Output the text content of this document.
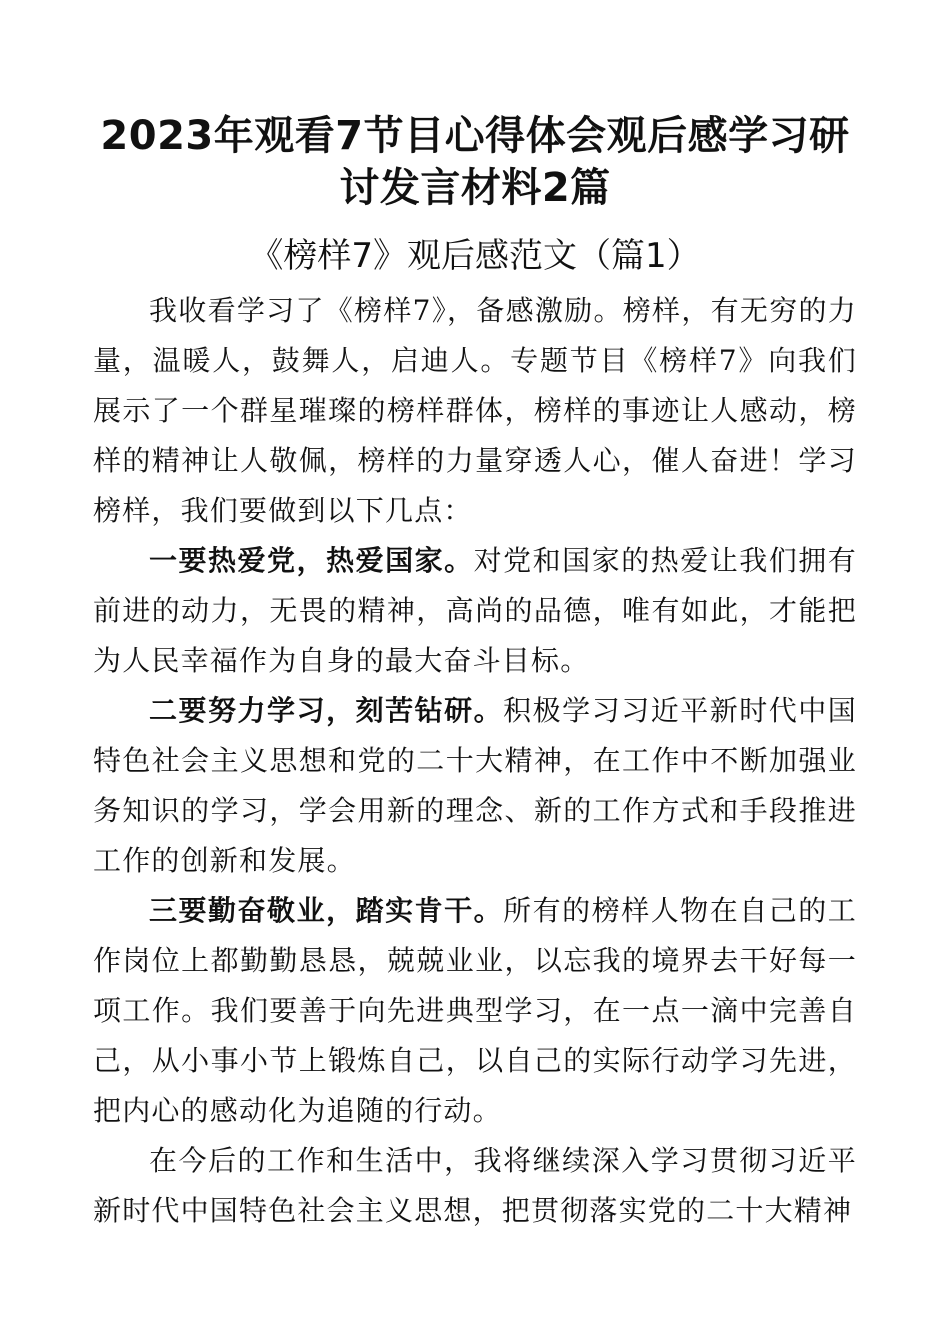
2023年观看7节目心得体会观后感学习研
讨发言材料2篇
《榜样7》观后感范文（篇1）

我收看学习了《榜样7》，备感激励。榜样，有无穷的力量，温暖人，鼓舞人，启迪人。专题节目《榜样7》向我们展示了一个群星璀璨的榜样群体，榜样的事迹让人感动，榜样的精神让人敬佩，榜样的力量穿透人心，催人奋进！学习榜样，我们要做到以下几点：

一要热爱党，热爱国家。对党和国家的热爱让我们拥有前进的动力，无畏的精神，高尚的品德，唯有如此，才能把为人民幸福作为自身的最大奋斗目标。

二要努力学习，刻苦钻研。积极学习习近平新时代中国特色社会主义思想和党的二十大精神，在工作中不断加强业务知识的学习，学会用新的理念、新的工作方式和手段推进工作的创新和发展。

三要勤奋敬业，踏实肯干。所有的榜样人物在自己的工作岗位上都勤勤恳恳，兢兢业业，以忘我的境界去干好每一项工作。我们要善于向先进典型学习，在一点一滴中完善自己，从小事小节上锻炼自己，以自己的实际行动学习先进，把内心的感动化为追随的行动。

在今后的工作和生活中，我将继续深入学习贯彻习近平新时代中国特色社会主义思想，把贯彻落实党的二十大精神
